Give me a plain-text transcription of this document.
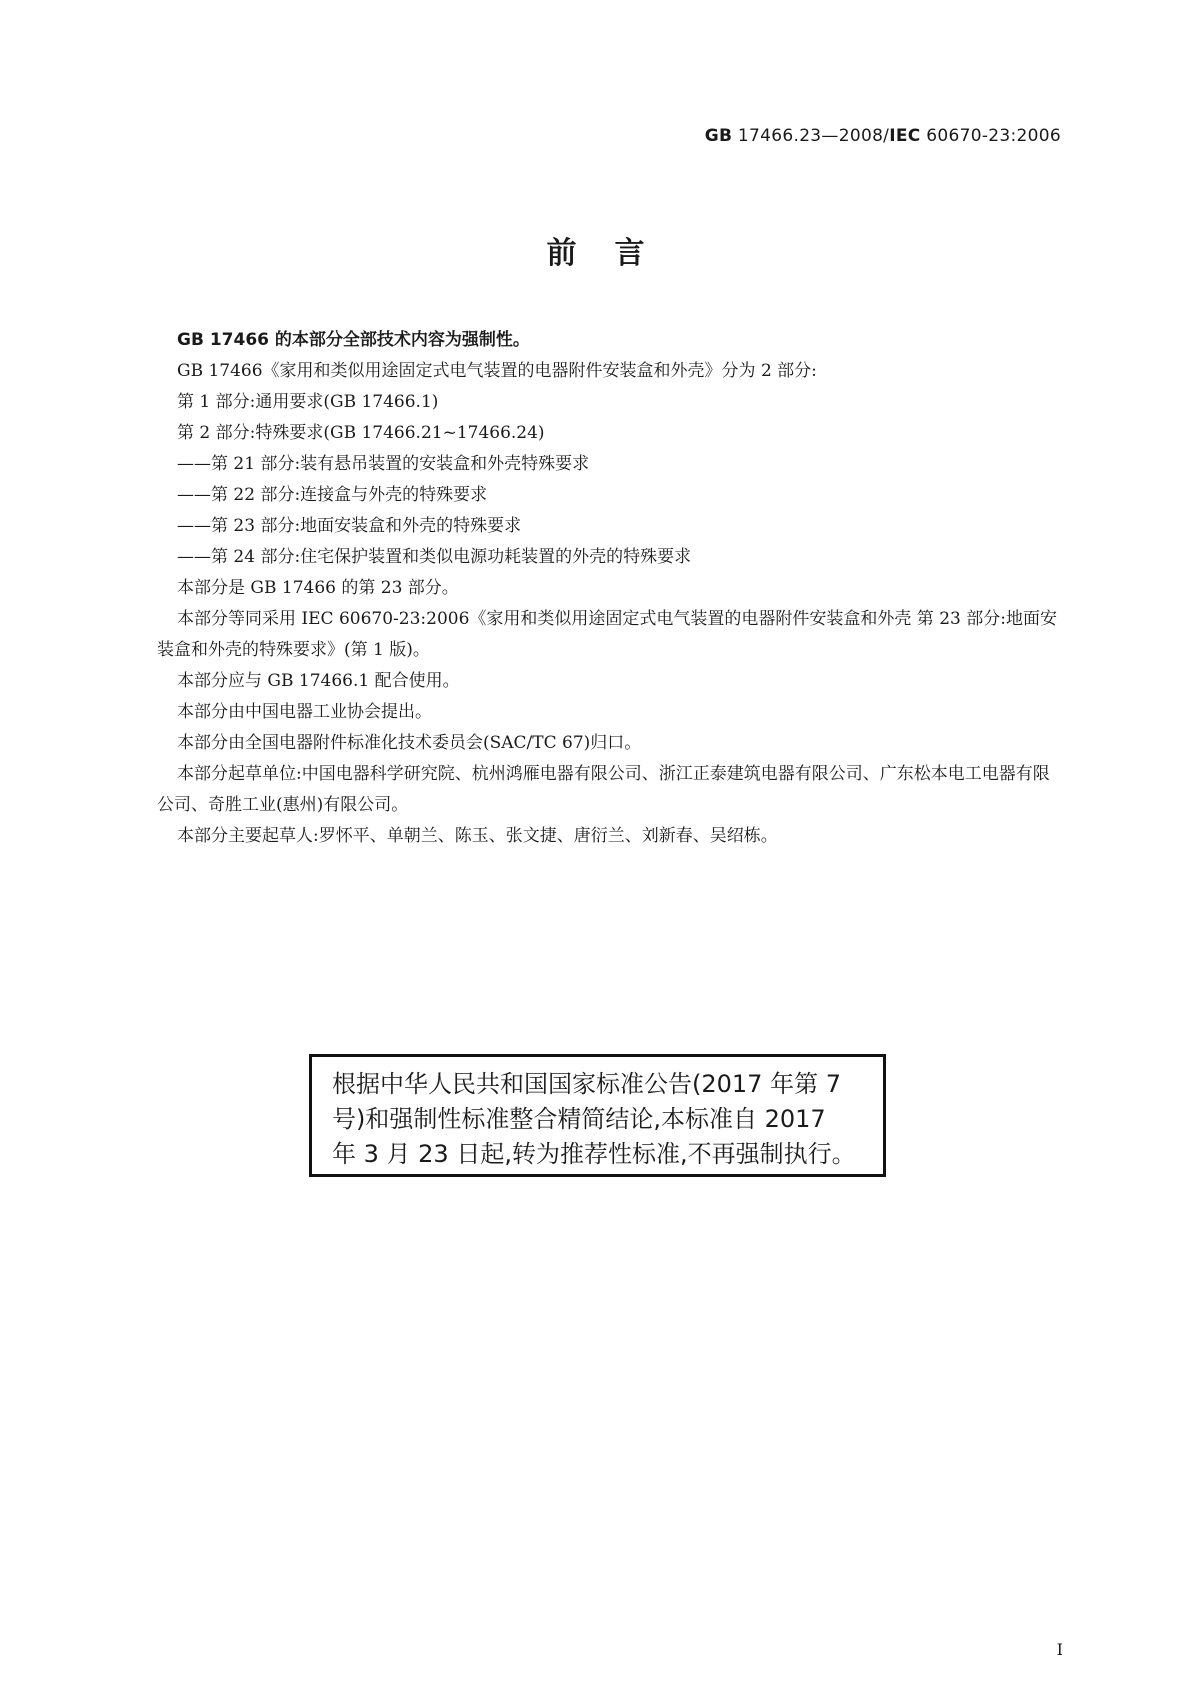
GB 17466.23—2008/IEC 60670-23:2006
前言

GB 17466 的本部分全部技术内容为强制性。

GB 17466《家用和类似用途固定式电气装置的电器附件安装盒和外壳》分为 2 部分:

第 1 部分:通用要求(GB 17466.1)

第 2 部分:特殊要求(GB 17466.21~17466.24)

——第 21 部分:装有悬吊装置的安装盒和外壳特殊要求

——第 22 部分:连接盒与外壳的特殊要求

——第 23 部分:地面安装盒和外壳的特殊要求

——第 24 部分:住宅保护装置和类似电源功耗装置的外壳的特殊要求

本部分是 GB 17466 的第 23 部分。

本部分等同采用 IEC 60670-23:2006《家用和类似用途固定式电气装置的电器附件安装盒和外壳 第 23 部分:地面安装盒和外壳的特殊要求》(第 1 版)。

本部分应与 GB 17466.1 配合使用。

本部分由中国电器工业协会提出。

本部分由全国电器附件标准化技术委员会(SAC/TC 67)归口。

本部分起草单位:中国电器科学研究院、杭州鸿雁电器有限公司、浙江正泰建筑电器有限公司、广东松本电工电器有限公司、奇胜工业(惠州)有限公司。

本部分主要起草人:罗怀平、单朝兰、陈玉、张文捷、唐衍兰、刘新春、吴绍栋。

根据中华人民共和国国家标准公告(2017 年第 7

号)和强制性标准整合精简结论,本标准自 2017

年 3 月 23 日起,转为推荐性标准,不再强制执行。

I
